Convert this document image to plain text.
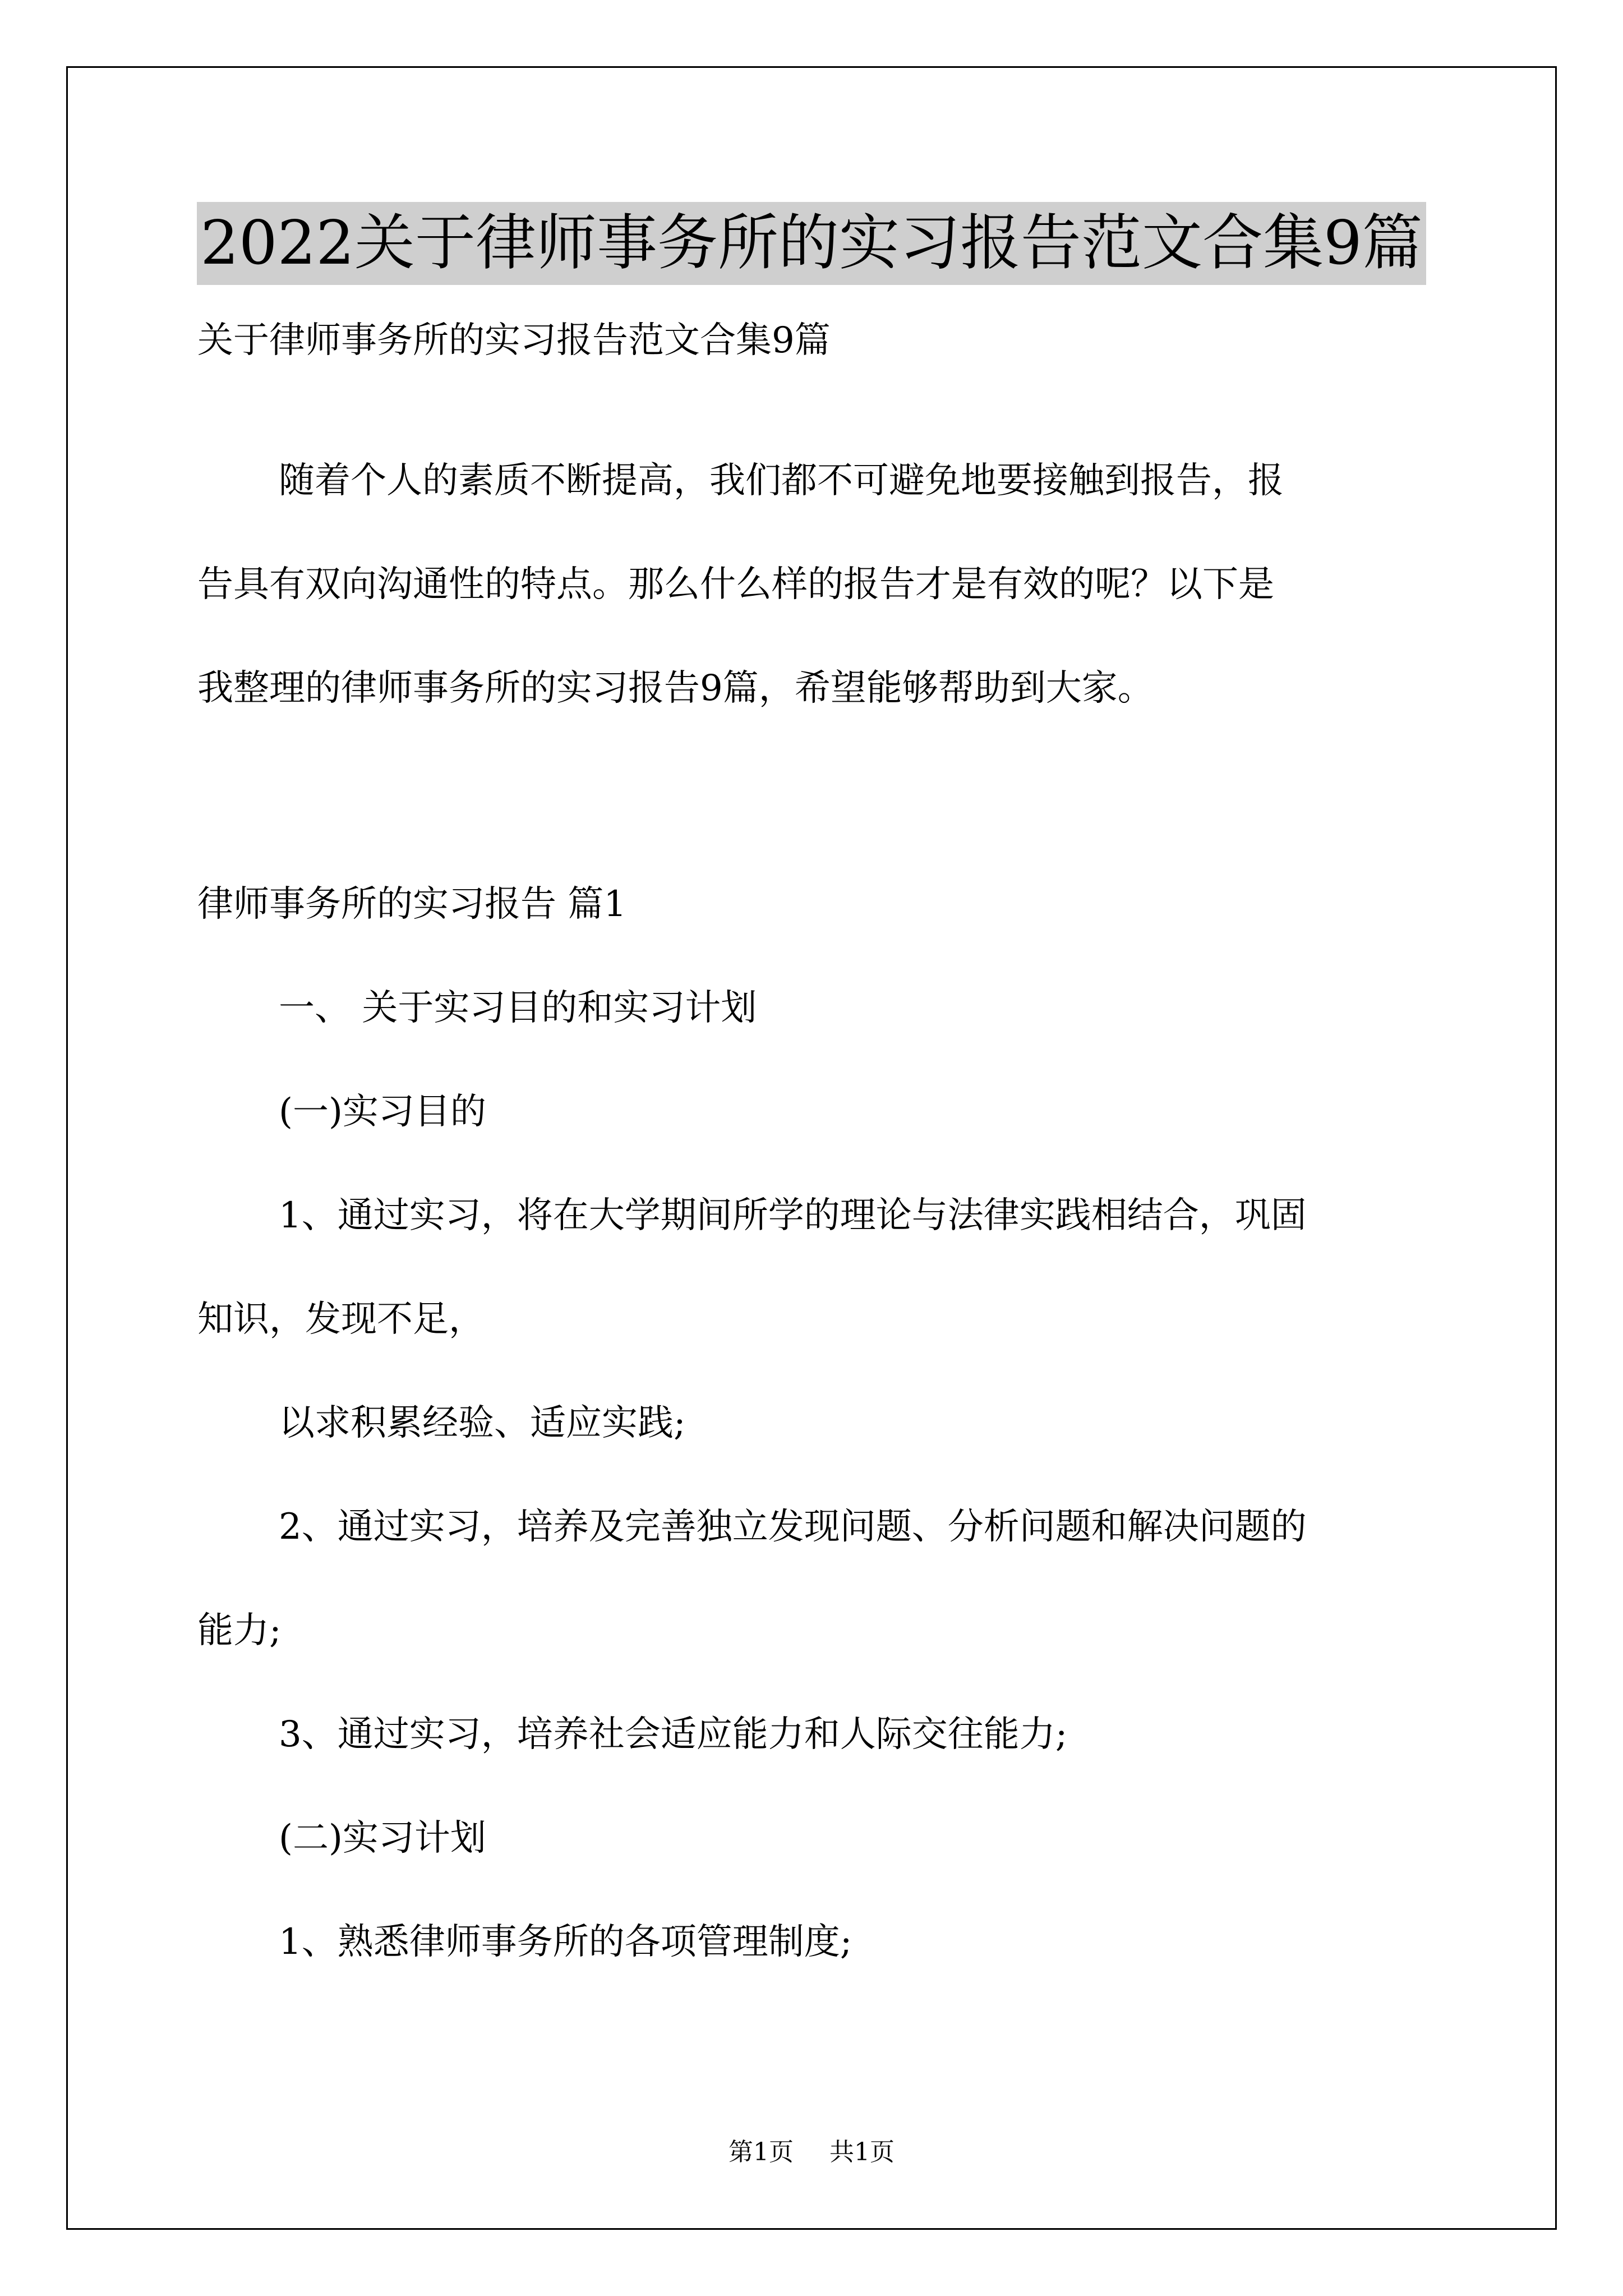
2022关于律师事务所的实习报告范文合集9篇
关于律师事务所的实习报告范文合集9篇
随着个人的素质不断提高，我们都不可避免地要接触到报告，报
告具有双向沟通性的特点。那么什么样的报告才是有效的呢？以下是
我整理的律师事务所的实习报告9篇，希望能够帮助到大家。
律师事务所的实习报告 篇1
一、 关于实习目的和实习计划
(一)实习目的
1、通过实习，将在大学期间所学的理论与法律实践相结合，巩固
知识，发现不足，
以求积累经验、适应实践;
2、通过实习，培养及完善独立发现问题、分析问题和解决问题的
能力;
3、通过实习，培养社会适应能力和人际交往能力;
(二)实习计划
1、熟悉律师事务所的各项管理制度;
第1页 共1页
